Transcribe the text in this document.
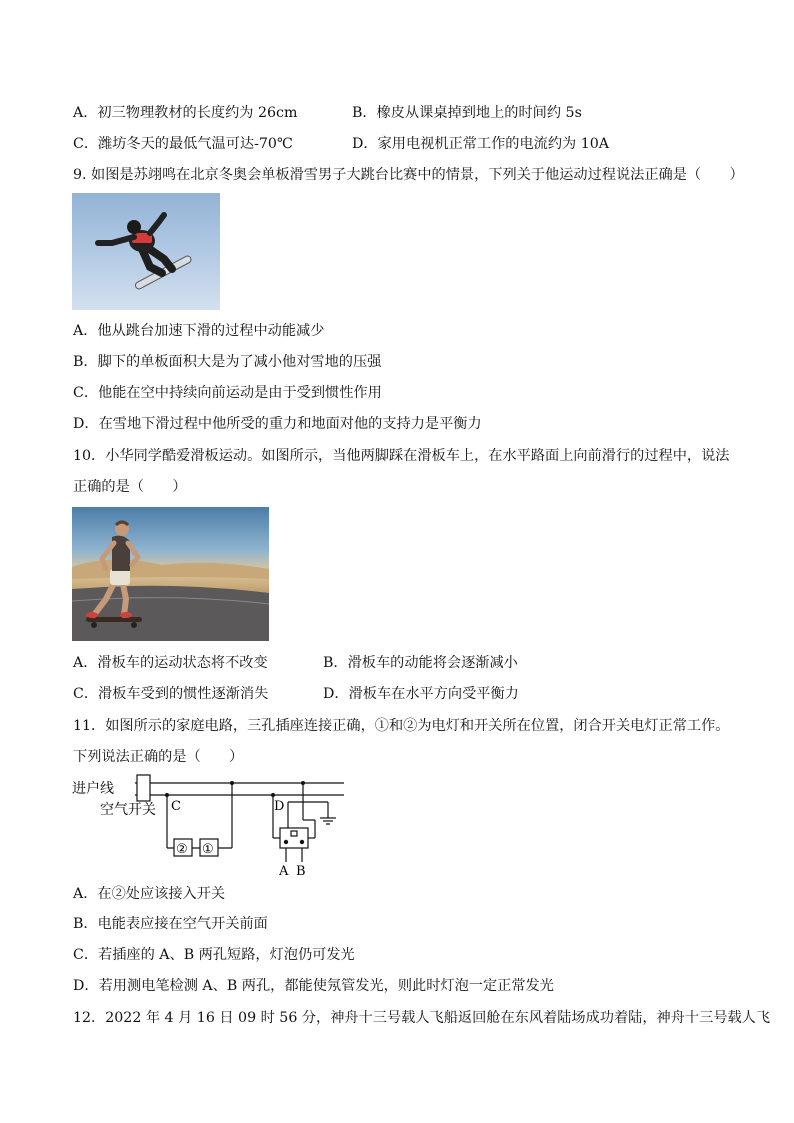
A．初三物理教材的长度约为 26cm	B．橡皮从课桌掉到地上的时间约 5s
C．潍坊冬天的最低气温可达-70℃	D．家用电视机正常工作的电流约为 10A
9. 如图是苏翊鸣在北京冬奥会单板滑雪男子大跳台比赛中的情景，下列关于他运动过程说法正确是（　　）
A．他从跳台加速下滑的过程中动能减少
B．脚下的单板面积大是为了减小他对雪地的压强
C．他能在空中持续向前运动是由于受到惯性作用
D．在雪地下滑过程中他所受的重力和地面对他的支持力是平衡力
10．小华同学酷爱滑板运动。如图所示，当他两脚踩在滑板车上，在水平路面上向前滑行的过程中，说法
正确的是（　　）
A．滑板车的运动状态将不改变	B．滑板车的动能将会逐渐减小
C．滑板车受到的惯性逐渐消失	D．滑板车在水平方向受平衡力
11．如图所示的家庭电路，三孔插座连接正确，①和②为电灯和开关所在位置，闭合开关电灯正常工作。
下列说法正确的是（　　）
进户线
空气开关 C	D
② ①
A B
A．在②处应该接入开关
B．电能表应接在空气开关前面
C．若插座的 A、B 两孔短路，灯泡仍可发光
D．若用测电笔检测 A、B 两孔，都能使氖管发光，则此时灯泡一定正常发光
12．2022 年 4 月 16 日 09 时 56 分，神舟十三号载人飞船返回舱在东风着陆场成功着陆，神舟十三号载人飞
